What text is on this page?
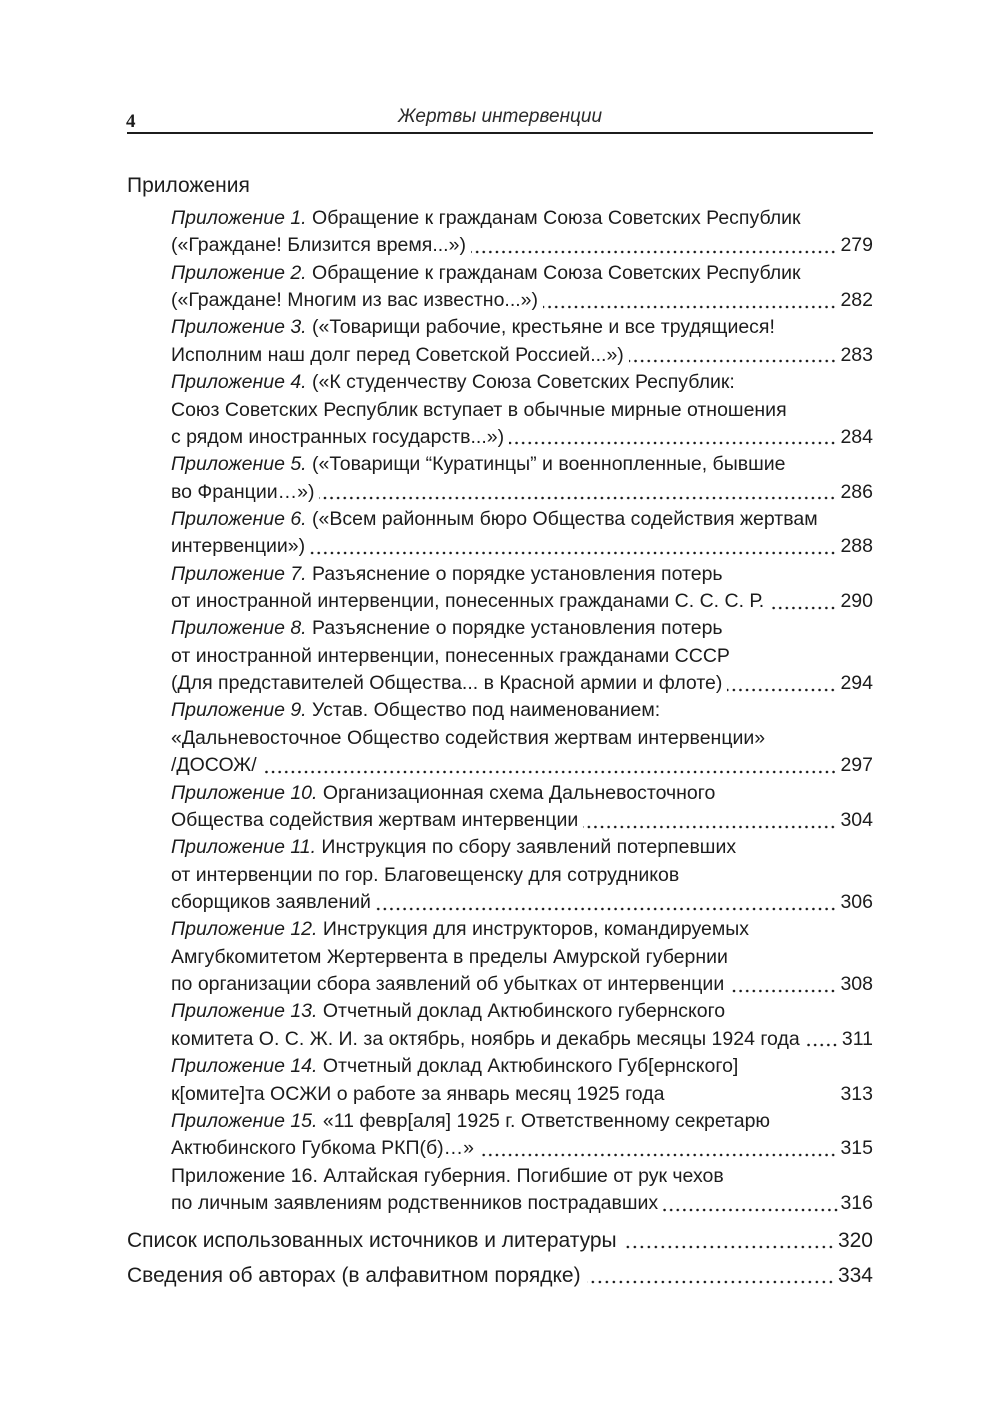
4	Жертвы интервенции
Приложения
Приложение 1. Обращение к гражданам Союза Советских Республик
(«Граждане! Близится время...»)	279
Приложение 2. Обращение к гражданам Союза Советских Республик
(«Граждане! Многим из вас известно...»)	282
Приложение 3. («Товарищи рабочие, крестьяне и все трудящиеся!
Исполним наш долг перед Советской Россией...»)	283
Приложение 4. («К студенчеству Союза Советских Республик:
Союз Советских Республик вступает в обычные мирные отношения
с рядом иностранных государств...»)	284
Приложение 5. («Товарищи “Куратинцы” и военнопленные, бывшие
во Франции…»)	286
Приложение 6. («Всем районным бюро Общества содействия жертвам
интервенции»)	288
Приложение 7. Разъяснение о порядке установления потерь
от иностранной интервенции, понесенных гражданами С. С. С. Р.	290
Приложение 8. Разъяснение о порядке установления потерь
от иностранной интервенции, понесенных гражданами СССР
(Для представителей Общества... в Красной армии и флоте)	294
Приложение 9. Устав. Общество под наименованием:
«Дальневосточное Общество содействия жертвам интервенции»
/ДОСОЖ/	297
Приложение 10. Организационная схема Дальневосточного
Общества содействия жертвам интервенции	304
Приложение 11. Инструкция по сбору заявлений потерпевших
от интервенции по гор. Благовещенску для сотрудников
сборщиков заявлений	306
Приложение 12. Инструкция для инструкторов, командируемых
Амгубкомитетом Жертервента в пределы Амурской губернии
по организации сбора заявлений об убытках от интервенции	308
Приложение 13. Отчетный доклад Актюбинского губернского
комитета О. С. Ж. И. за октябрь, ноябрь и декабрь месяцы 1924 года 311
Приложение 14. Отчетный доклад Актюбинского Губ[ернского]
к[омите]та ОСЖИ о работе за январь месяц 1925 года	313
Приложение 15. «11 февр[аля] 1925 г. Ответственному секретарю
Актюбинского Губкома РКП(б)…»	315
Приложение 16. Алтайская губерния. Погибшие от рук чехов
по личным заявлениям родственников пострадавших	316
Список использованных источников и литературы	320
Сведения об авторах (в алфавитном порядке)	334
